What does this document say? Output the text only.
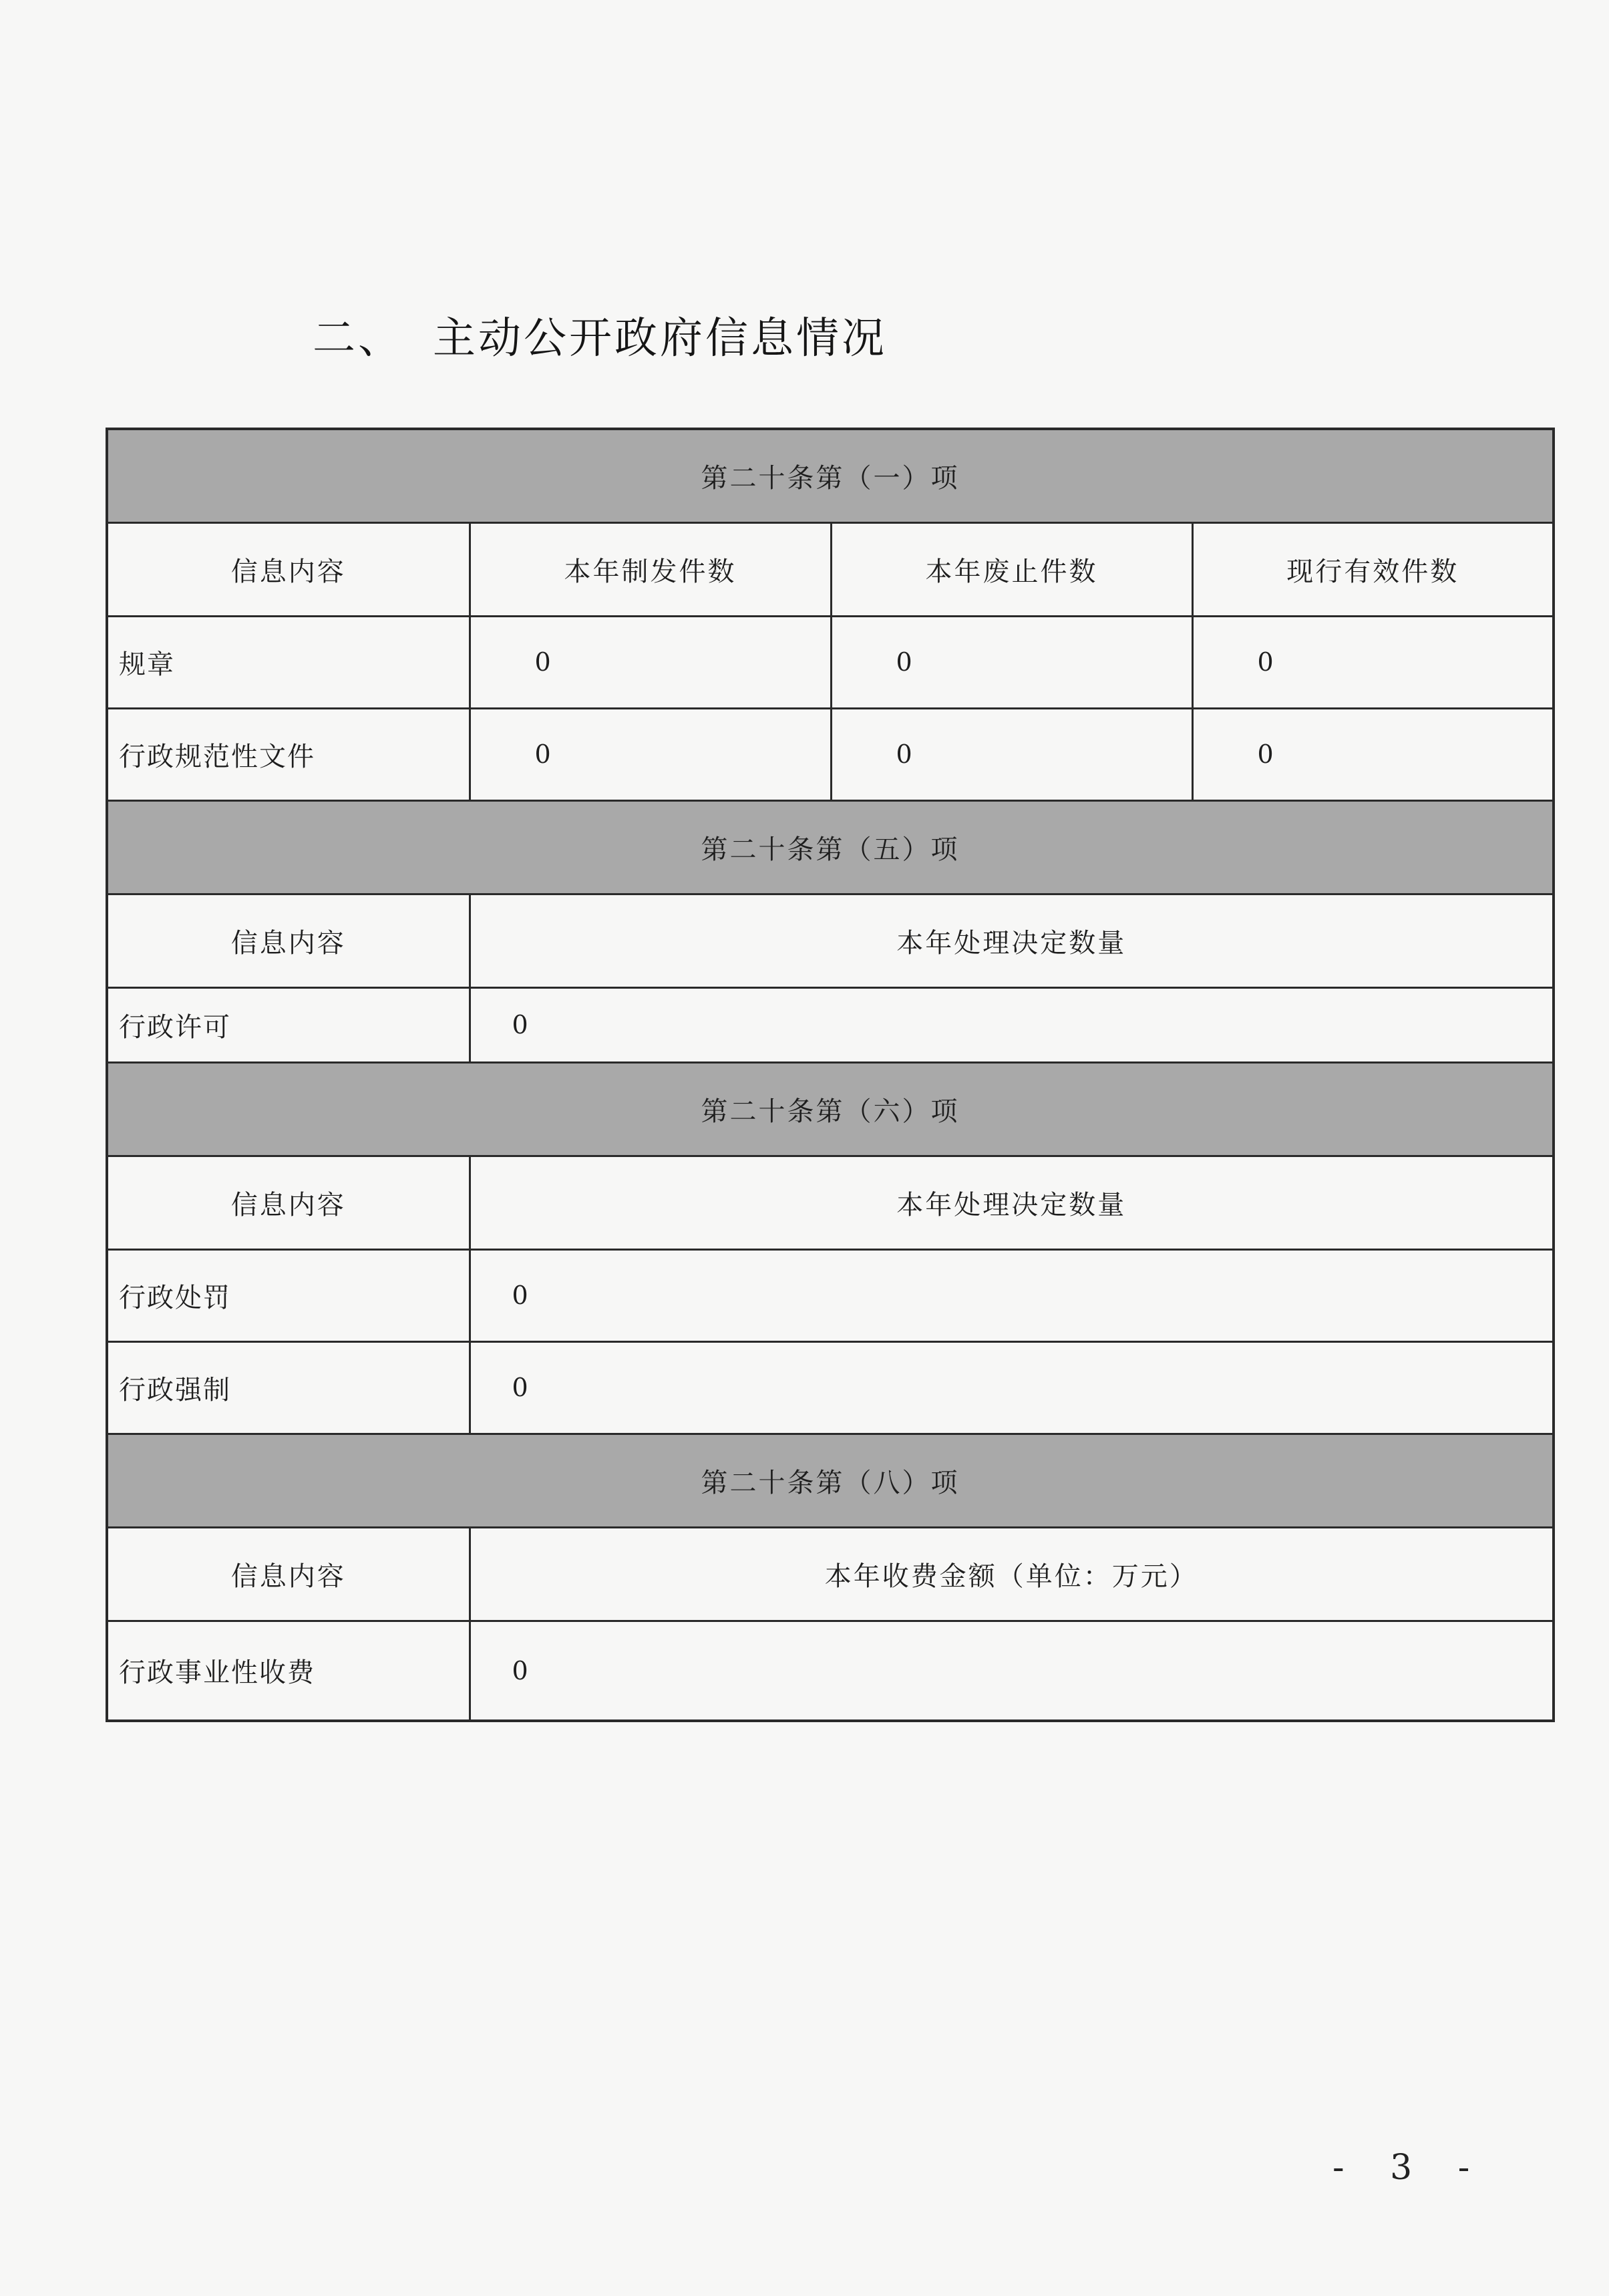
二、 主动公开政府信息情况
第二十条第（一）项			
信息内容	本年制发件数	本年废止件数	现行有效件数
规章	0	0	0
行政规范性文件	0	0	0
第二十条第（五）项			
信息内容	本年处理决定数量		
行政许可	0		
第二十条第（六）项			
信息内容	本年处理决定数量		
行政处罚	0		
行政强制	0		
第二十条第（八）项			
信息内容	本年收费金额（单位：万元）		
行政事业性收费	0		
- 3 -
